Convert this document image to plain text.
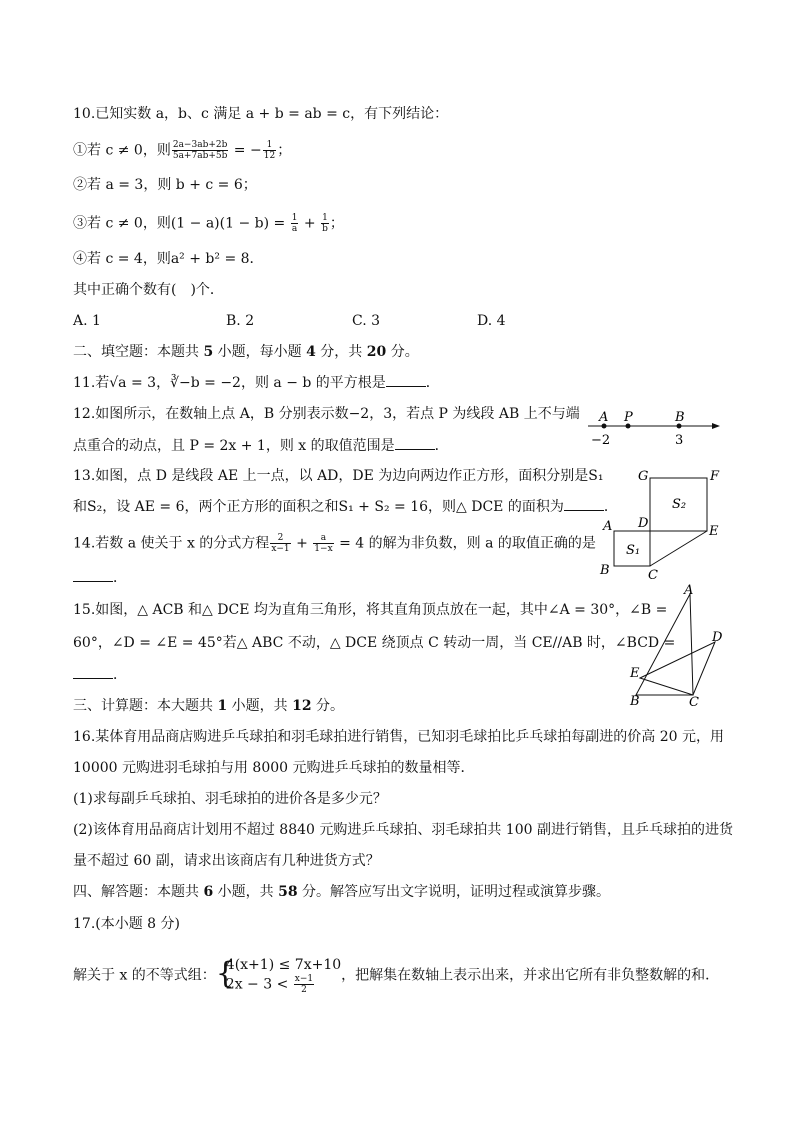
10.已知实数 a，b、c 满足 a + b = ab = c，有下列结论：
①若 c ≠ 0，则 $\frac{2a-3ab+2b}{5a+7ab+5b}$ = − $\frac{1}{12}$ ；
②若 a = 3，则 b + c = 6；
③若 c ≠ 0，则$(1 - a)(1 - b) = \frac{1}{a} + \frac{1}{b}$ ；
④若 c = 4，则a² + b² = 8．
其中正确个数有(　)个．
A. 1	B. 2	C. 3	D. 4
二、填空题：本题共 5 小题，每小题 4 分，共 20 分。
11.若√a = 3，∛−b = −2，则 a − b 的平方根是	．
12.如图所示，在数轴上点 A，B 分别表示数−2，3，若点 P 为线段 AB 上不与端
点重合的动点，且 P = 2x + 1，则 x 的取值范围是	．
A P	B
−2	3
13.如图，点 D 是线段 AE 上一点，以 AD，DE 为边向两边作正方形，面积分别是S₁
和S₂，设 AE = 6，两个正方形的面积之和S₁ + S₂ = 16，则△ DCE 的面积为	．
G	F
S₂
A D
E
S₁
B	C
14.若数 a 使关于 x 的分式方程 $\frac{2}{x-1} + \frac{a}{1-x} = 4$ 的解为非负数，则 a 的取值正确的是
．
15.如图，△ ACB 和△ DCE 均为直角三角形，将其直角顶点放在一起，其中∠A = 30°，∠B =
60°，∠D = ∠E = 45°若△ ABC 不动，△ DCE 绕顶点 C 转动一周，当 CE//AB 时，∠BCD =
．
A
D
E
B	C
三、计算题：本大题共 1 小题，共 12 分。
16.某体育用品商店购进乒乓球拍和羽毛球拍进行销售，已知羽毛球拍比乒乓球拍每副进的价高 20 元，用
10000 元购进羽毛球拍与用 8000 元购进乒乓球拍的数量相等．
(1)求每副乒乓球拍、羽毛球拍的进价各是多少元？
(2)该体育用品商店计划用不超过 8840 元购进乒乓球拍、羽毛球拍共 100 副进行销售，且乒乓球拍的进货
量不超过 60 副，请求出该商店有几种进货方式？
四、解答题：本题共 6 小题，共 58 分。解答应写出文字说明，证明过程或演算步骤。
17.(本小题 8 分)
解关于 x 的不等式组： {
4(x+1) ≤ 7x+10
$2x - 3 < \frac{x-1}{2}$ ，把解集在数轴上表示出来，并求出它所有非负整数解的和．
